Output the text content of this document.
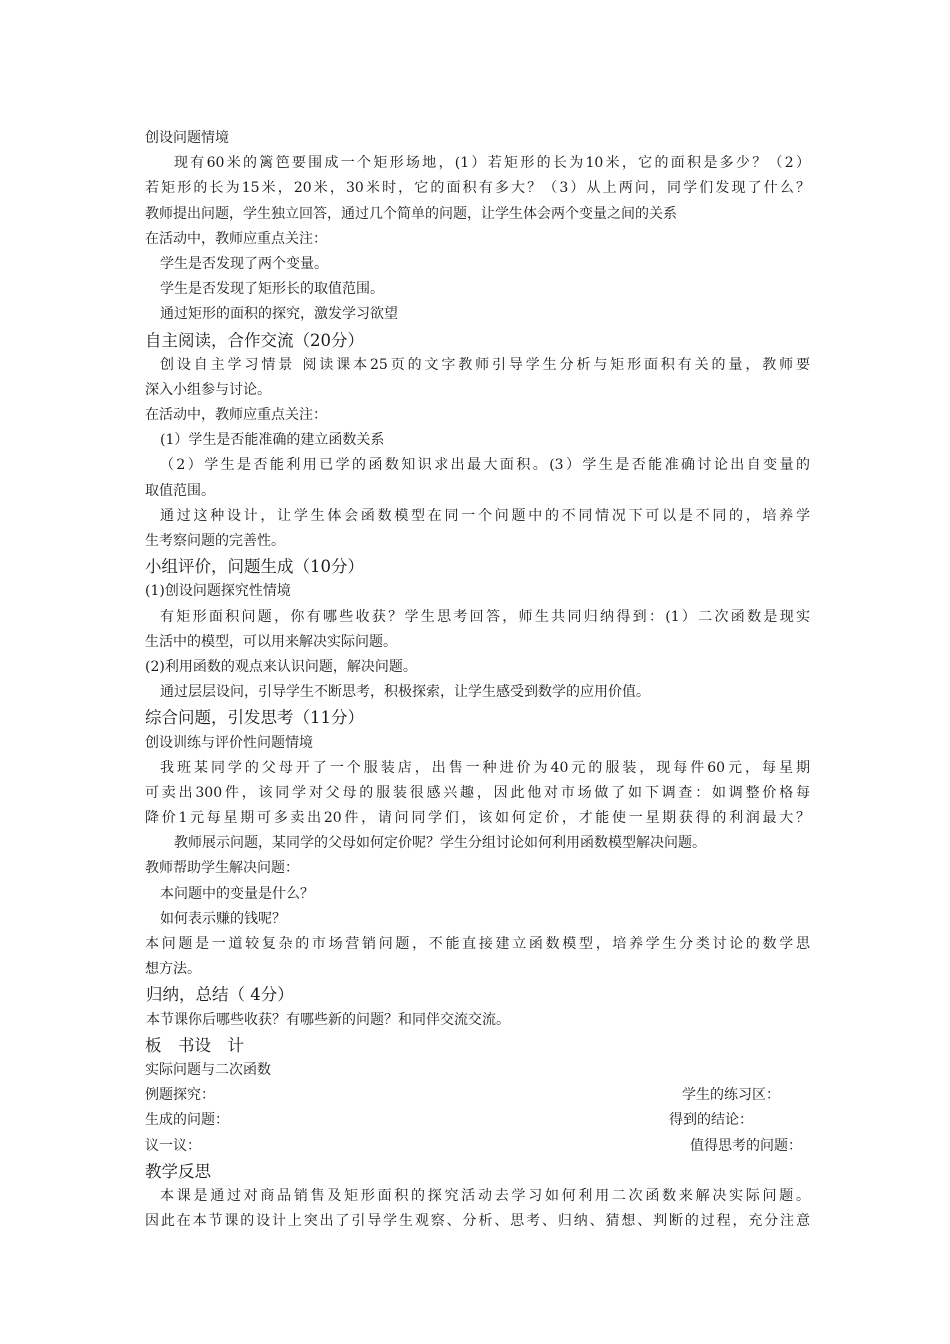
创设问题情境
现有60米的篱笆要围成一个矩形场地，(1）若矩形的长为10米，它的面积是多少？（2）
若矩形的长为15米，20米，30米时，它的面积有多大？（3）从上两问，同学们发现了什么？
教师提出问题，学生独立回答，通过几个简单的问题，让学生体会两个变量之间的关系
在活动中，教师应重点关注：
学生是否发现了两个变量。
学生是否发现了矩形长的取值范围。
通过矩形的面积的探究，激发学习欲望
自主阅读，合作交流（20分）
创设自主学习情景 阅读课本25页的文字教师引导学生分析与矩形面积有关的量，教师要
深入小组参与讨论。
在活动中，教师应重点关注：
(1）学生是否能准确的建立函数关系
（2）学生是否能利用已学的函数知识求出最大面积。(3）学生是否能准确讨论出自变量的
取值范围。
通过这种设计，让学生体会函数模型在同一个问题中的不同情况下可以是不同的，培养学
生考察问题的完善性。
小组评价，问题生成（10分）
(1)创设问题探究性情境
有矩形面积问题，你有哪些收获？学生思考回答，师生共同归纳得到：(1）二次函数是现实
生活中的模型，可以用来解决实际问题。
(2)利用函数的观点来认识问题，解决问题。
通过层层设问，引导学生不断思考，积极探索，让学生感受到数学的应用价值。
综合问题，引发思考（11分）
创设训练与评价性问题情境
我班某同学的父母开了一个服装店，出售一种进价为40元的服装，现每件60元，每星期
可卖出300件，该同学对父母的服装很感兴趣，因此他对市场做了如下调查：如调整价格每
降价1元每星期可多卖出20件，请问同学们，该如何定价，才能使一星期获得的利润最大？
教师展示问题，某同学的父母如何定价呢？学生分组讨论如何利用函数模型解决问题。
教师帮助学生解决问题：
本问题中的变量是什么？
如何表示赚的钱呢？
本问题是一道较复杂的市场营销问题，不能直接建立函数模型，培养学生分类讨论的数学思
想方法。
归纳，总结（ 4分）
本节课你后哪些收获？有哪些新的问题？和同伴交流交流。
板　书设　计
实际问题与二次函数
例题探究：	学生的练习区：
生成的问题：	得到的结论：
议一议：	值得思考的问题：
教学反思
本课是通过对商品销售及矩形面积的探究活动去学习如何利用二次函数来解决实际问题。
因此在本节课的设计上突出了引导学生观察、分析、思考、归纳、猜想、判断的过程，充分注意
